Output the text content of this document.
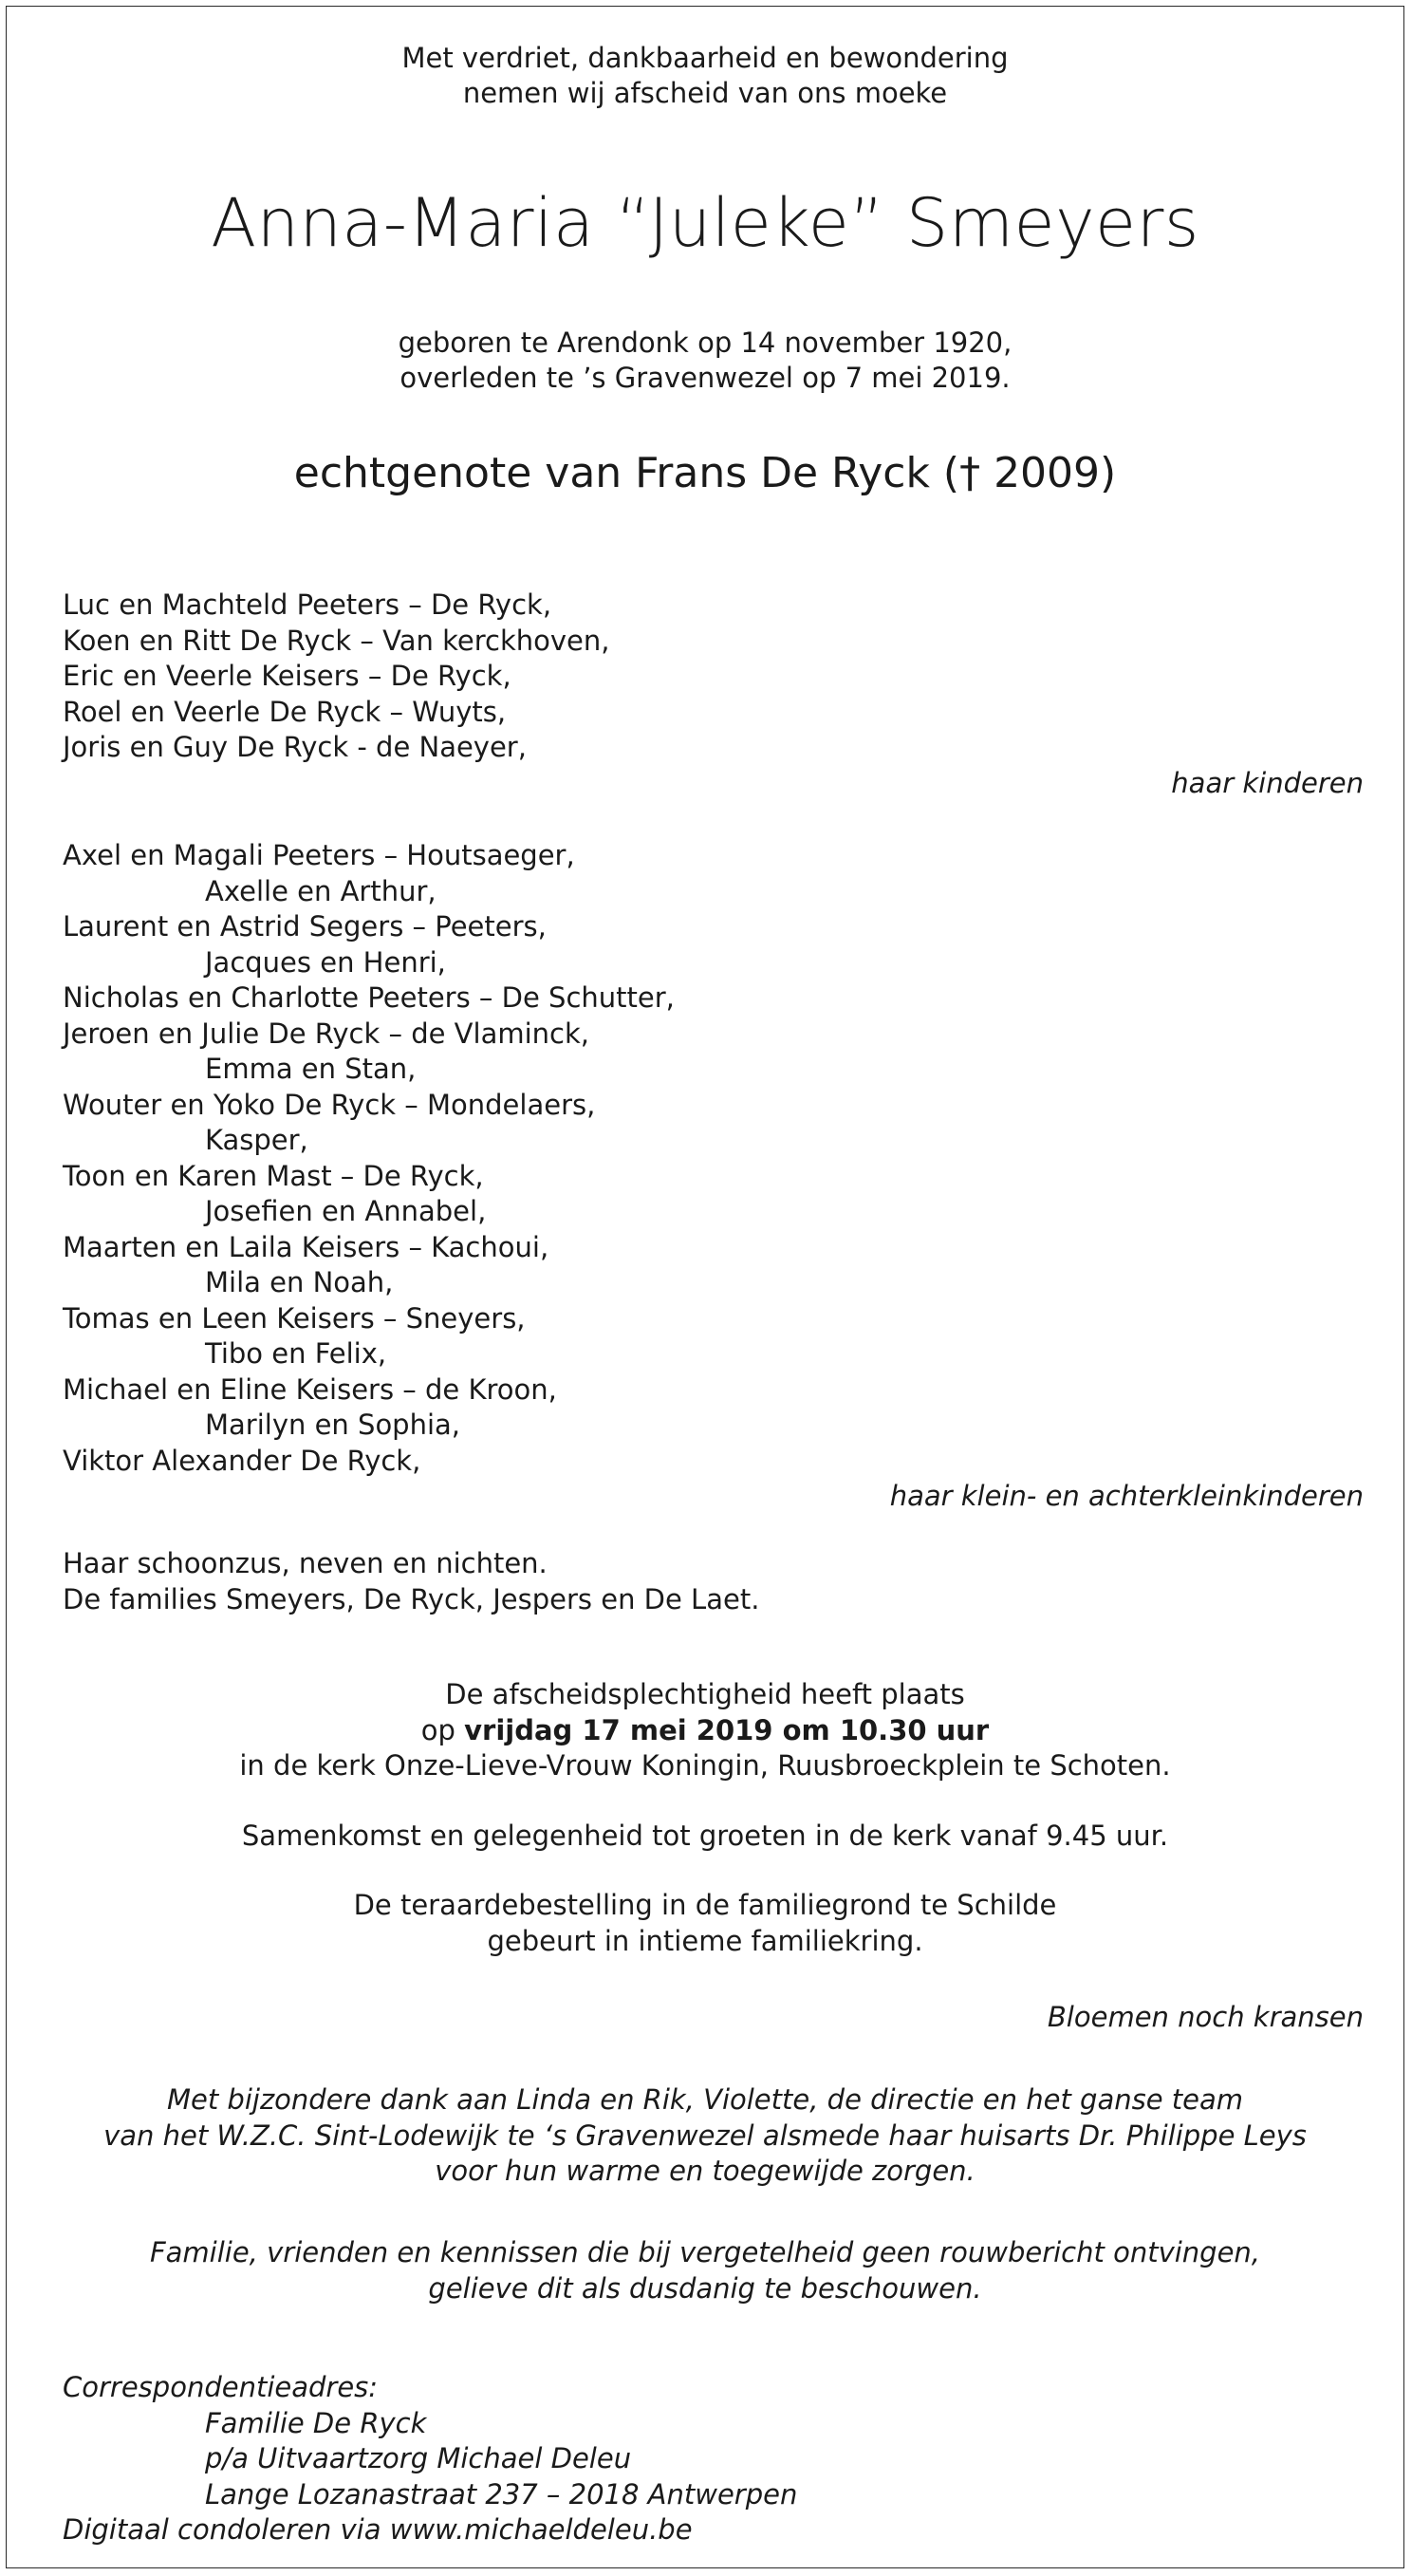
Met verdriet, dankbaarheid en bewondering

nemen wij afscheid van ons moeke

Anna-Maria “Juleke” Smeyers

geboren te Arendonk op 14 november 1920,

overleden te ’s Gravenwezel op 7 mei 2019.

echtgenote van Frans De Ryck († 2009)

Luc en Machteld Peeters – De Ryck,

Koen en Ritt De Ryck – Van kerckhoven,

Eric en Veerle Keisers – De Ryck,

Roel en Veerle De Ryck – Wuyts,

Joris en Guy De Ryck - de Naeyer,

haar kinderen

Axel en Magali Peeters – Houtsaeger,

Axelle en Arthur,

Laurent en Astrid Segers – Peeters,

Jacques en Henri,

Nicholas en Charlotte Peeters – De Schutter,

Jeroen en Julie De Ryck – de Vlaminck,

Emma en Stan,

Wouter en Yoko De Ryck – Mondelaers,

Kasper,

Toon en Karen Mast – De Ryck,

Josefien en Annabel,

Maarten en Laila Keisers – Kachoui,

Mila en Noah,

Tomas en Leen Keisers – Sneyers,

Tibo en Felix,

Michael en Eline Keisers – de Kroon,

Marilyn en Sophia,

Viktor Alexander De Ryck,

haar klein- en achterkleinkinderen

Haar schoonzus, neven en nichten.

De families Smeyers, De Ryck, Jespers en De Laet.

De afscheidsplechtigheid heeft plaats

op vrijdag 17 mei 2019 om 10.30 uur

in de kerk Onze-Lieve-Vrouw Koningin, Ruusbroeckplein te Schoten.

Samenkomst en gelegenheid tot groeten in de kerk vanaf 9.45 uur.

De teraardebestelling in de familiegrond te Schilde

gebeurt in intieme familiekring.

Bloemen noch kransen

Met bijzondere dank aan Linda en Rik, Violette, de directie en het ganse team

van het W.Z.C. Sint-Lodewijk te ‘s Gravenwezel alsmede haar huisarts Dr. Philippe Leys

voor hun warme en toegewijde zorgen.

Familie, vrienden en kennissen die bij vergetelheid geen rouwbericht ontvingen,

gelieve dit als dusdanig te beschouwen.

Correspondentieadres:

Familie De Ryck

p/a Uitvaartzorg Michael Deleu

Lange Lozanastraat 237 – 2018 Antwerpen

Digitaal condoleren via www.michaeldeleu.be
